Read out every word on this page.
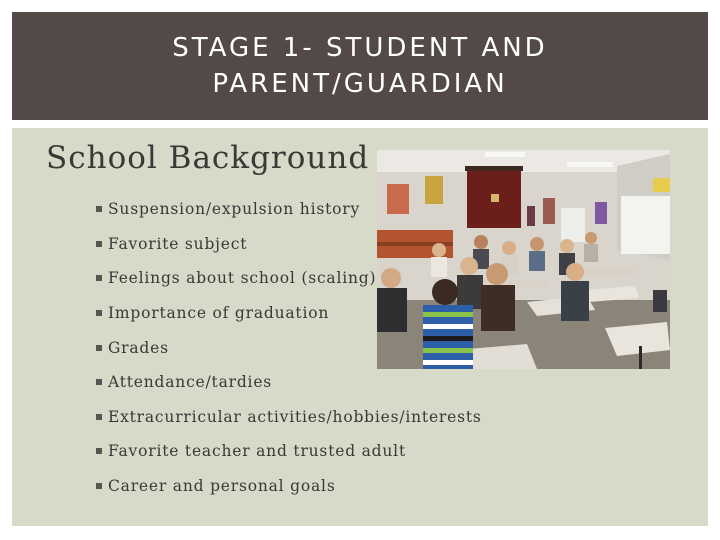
STAGE 1- STUDENT AND
PARENT/GUARDIAN
School Background
Suspension/expulsion history
Favorite subject
Feelings about school (scaling)
Importance of graduation
Grades
Attendance/tardies
Extracurricular activities/hobbies/interests
Favorite teacher and trusted adult
Career and personal goals
